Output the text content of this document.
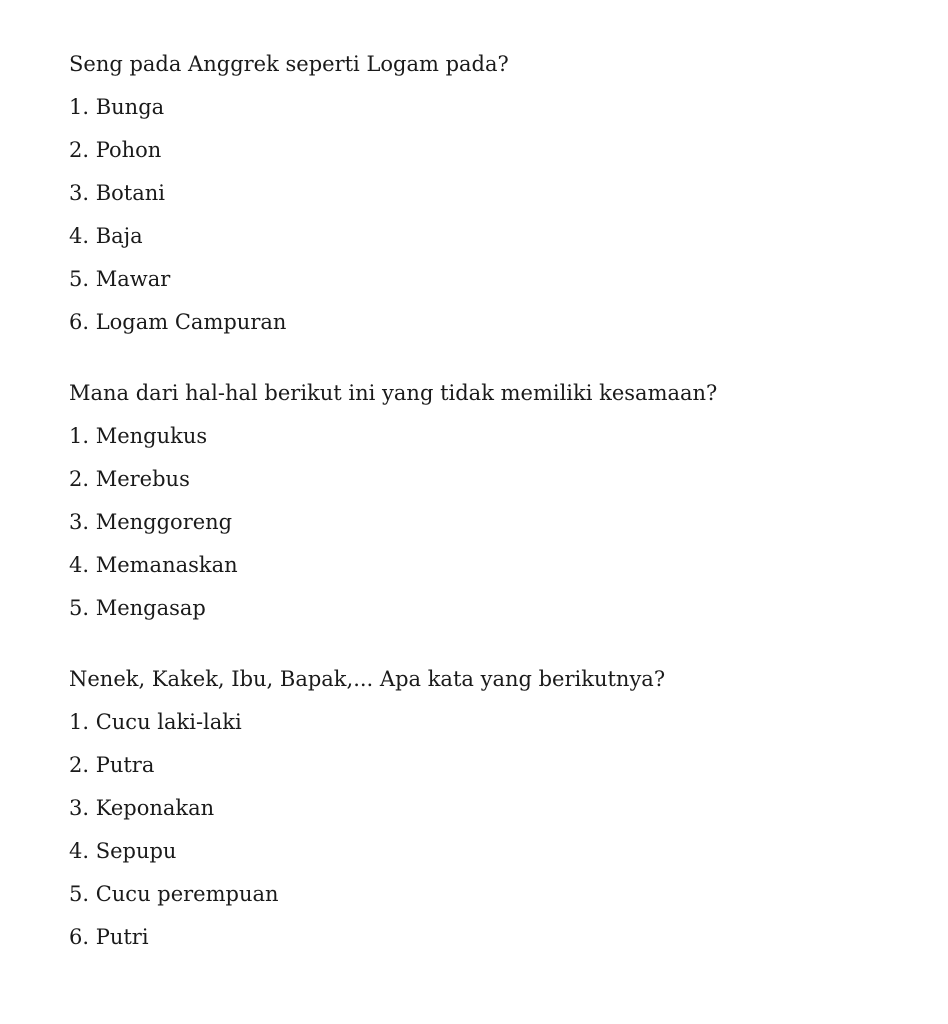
Seng pada Anggrek seperti Logam pada?

1. Bunga
2. Pohon
3. Botani
4. Baja
5. Mawar
6. Logam Campuran

Mana dari hal-hal berikut ini yang tidak memiliki kesamaan?

1. Mengukus
2. Merebus
3. Menggoreng
4. Memanaskan
5. Mengasap

Nenek, Kakek, Ibu, Bapak,... Apa kata yang berikutnya?

1. Cucu laki-laki
2. Putra
3. Keponakan
4. Sepupu
5. Cucu perempuan
6. Putri
